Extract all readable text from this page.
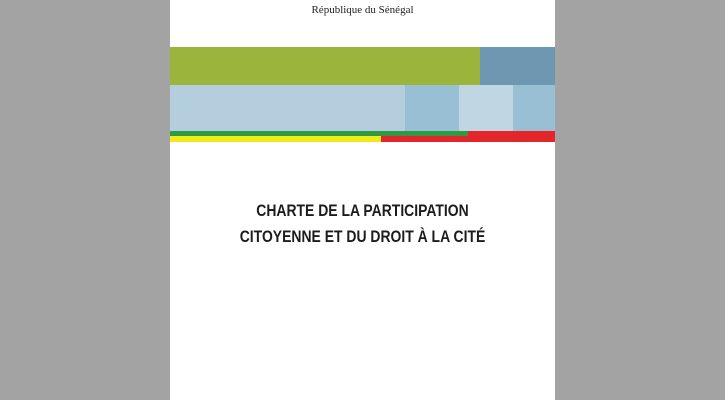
République du Sénégal
CHARTE DE LA PARTICIPATION
CITOYENNE ET DU DROIT À LA CITÉ
